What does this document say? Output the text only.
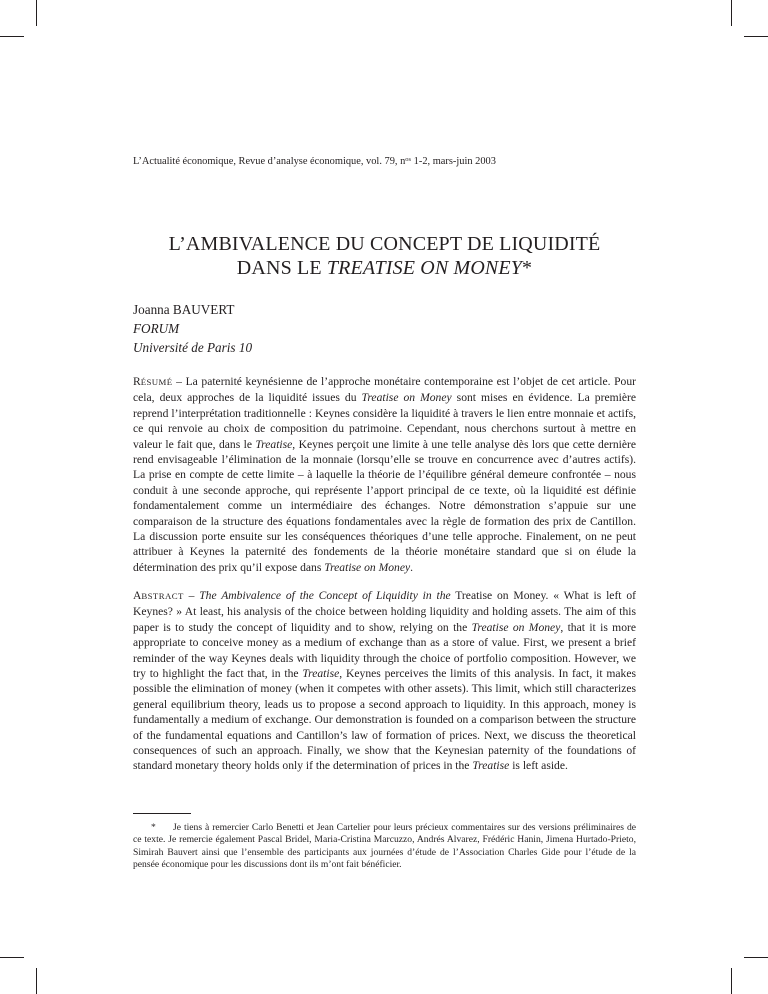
L’Actualité économique, Revue d’analyse économique, vol. 79, $n^{os}$ 1-2, mars-juin 2003
L’AMBIVALENCE DU CONCEPT DE LIQUIDITÉ
DANS LE TREATISE ON MONEY*
Joanna BAUVERT
FORUM
Université de Paris 10

RÉSUMÉ – La paternité keynésienne de l’approche monétaire contemporaine est l’objet de cet article. Pour cela, deux approches de la liquidité issues du Treatise on Money sont mises en évidence. La première reprend l’interprétation traditionnelle : Keynes considère la liquidité à travers le lien entre monnaie et actifs, ce qui renvoie au choix de composition du patrimoine. Cependant, nous cherchons surtout à mettre en valeur le fait que, dans le Treatise, Keynes perçoit une limite à une telle analyse dès lors que cette dernière rend envisageable l’élimination de la monnaie (lorsqu’elle se trouve en concurrence avec d’autres actifs). La prise en compte de cette limite – à laquelle la théorie de l’équilibre général demeure confrontée – nous conduit à une seconde approche, qui représente l’apport principal de ce texte, où la liquidité est définie fondamentalement comme un intermédiaire des échanges. Notre démonstration s’appuie sur une comparaison de la structure des équations fondamentales avec la règle de formation des prix de Cantillon. La discussion porte ensuite sur les conséquences théoriques d’une telle approche. Finalement, on ne peut attribuer à Keynes la paternité des fondements de la théorie monétaire standard que si on élude la détermination des prix qu’il expose dans Treatise on Money.

ABSTRACT – The Ambivalence of the Concept of Liquidity in the Treatise on Money. « What is left of Keynes? » At least, his analysis of the choice between holding liquidity and holding assets. The aim of this paper is to study the concept of liquidity and to show, relying on the Treatise on Money, that it is more appropriate to conceive money as a medium of exchange than as a store of value. First, we present a brief reminder of the way Keynes deals with liquidity through the choice of portfolio composition. However, we try to highlight the fact that, in the Treatise, Keynes perceives the limits of this analysis. In fact, it makes possible the elimination of money (when it competes with other assets). This limit, which still characterizes general equilibrium theory, leads us to propose a second approach to liquidity. In this approach, money is fundamentally a medium of exchange. Our demonstration is founded on a comparison between the structure of the fundamental equations and Cantillon’s law of formation of prices. Next, we discuss the theoretical consequences of such an approach. Finally, we show that the Keynesian paternity of the foundations of standard monetary theory holds only if the determination of prices in the Treatise is left aside.

* Je tiens à remercier Carlo Benetti et Jean Cartelier pour leurs précieux commentaires sur des versions préliminaires de ce texte. Je remercie également Pascal Bridel, Maria-Cristina Marcuzzo, Andrés Alvarez, Frédéric Hanin, Jimena Hurtado-Prieto, Simirah Bauvert ainsi que l’ensemble des participants aux journées d’étude de l’Association Charles Gide pour l’étude de la pensée économique pour les discussions dont ils m’ont fait bénéficier.
